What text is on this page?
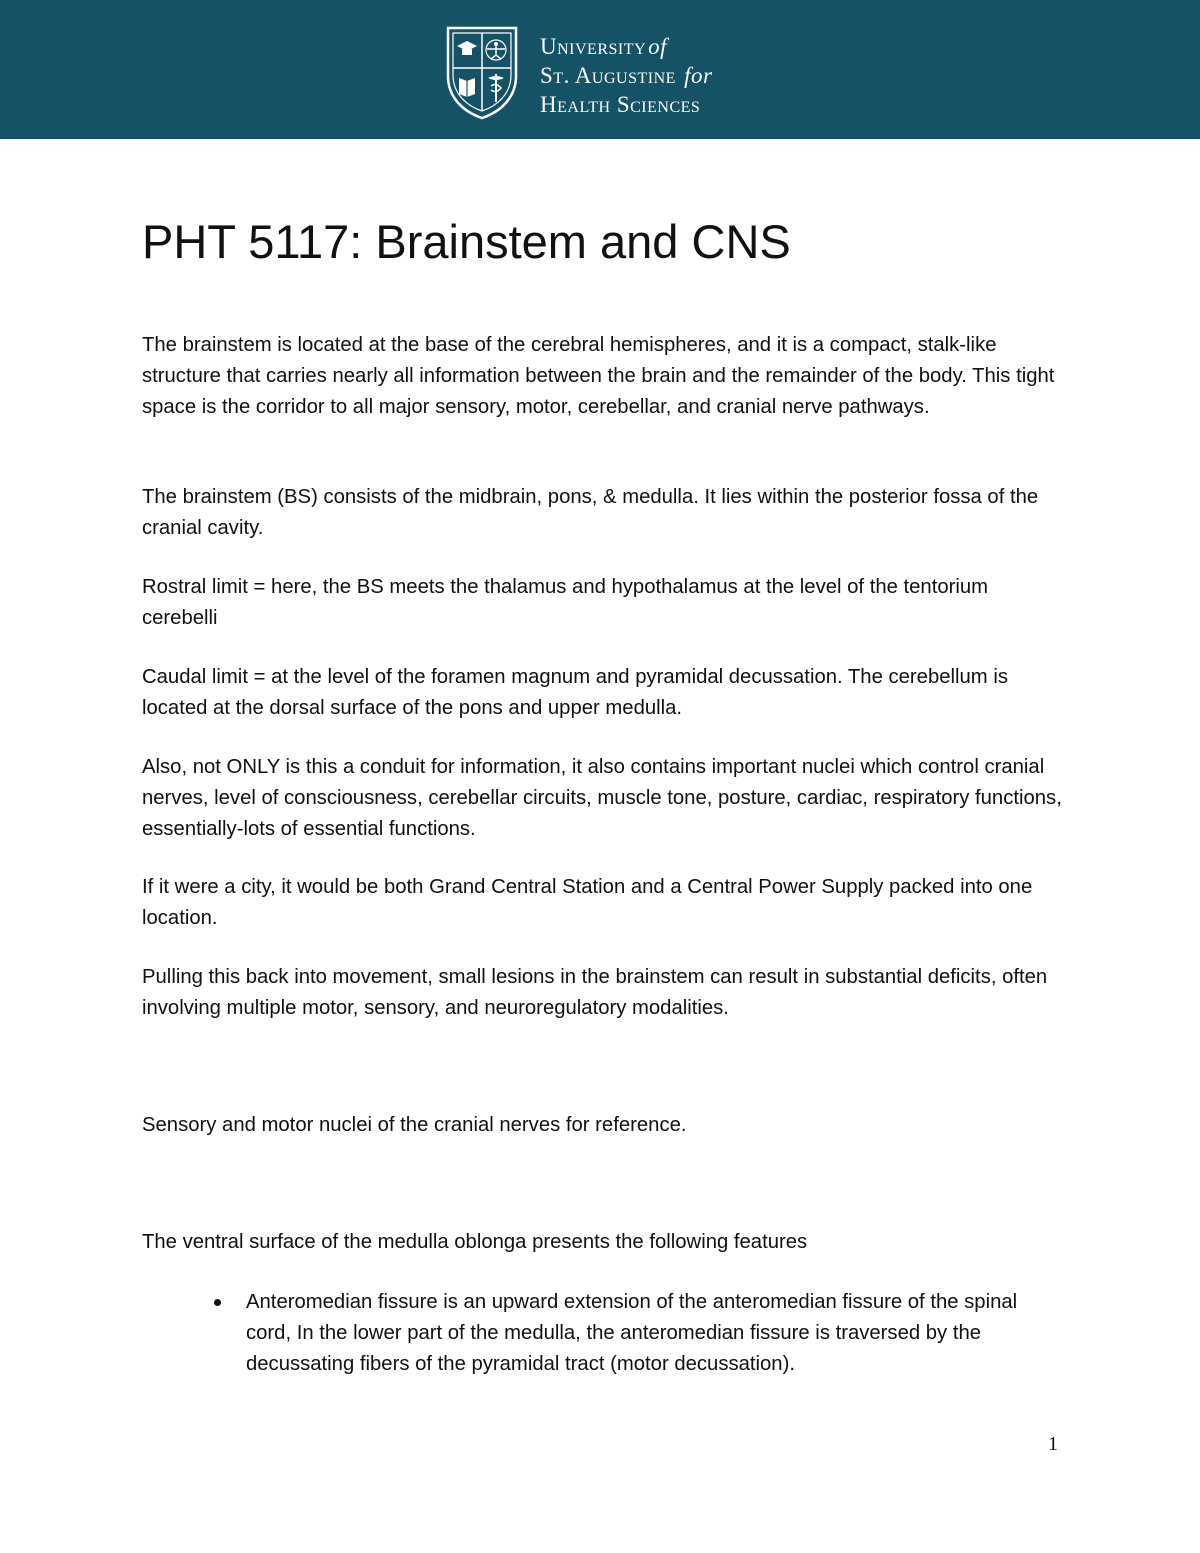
Universityof
St. Augustine for
Health Sciences
PHT 5117: Brainstem and CNS

The brainstem is located at the base of the cerebral hemispheres, and it is a compact, stalk-like structure that carries nearly all information between the brain and the remainder of the body. This tight space is the corridor to all major sensory, motor, cerebellar, and cranial nerve pathways.

The brainstem (BS) consists of the midbrain, pons, & medulla. It lies within the posterior fossa of the cranial cavity.

Rostral limit = here, the BS meets the thalamus and hypothalamus at the level of the tentorium cerebelli

Caudal limit = at the level of the foramen magnum and pyramidal decussation. The cerebellum is located at the dorsal surface of the pons and upper medulla.

Also, not ONLY is this a conduit for information, it also contains important nuclei which control cranial nerves, level of consciousness, cerebellar circuits, muscle tone, posture, cardiac, respiratory functions, essentially-lots of essential functions.

If it were a city, it would be both Grand Central Station and a Central Power Supply packed into one location.

Pulling this back into movement, small lesions in the brainstem can result in substantial deficits, often involving multiple motor, sensory, and neuroregulatory modalities.

Sensory and motor nuclei of the cranial nerves for reference.

The ventral surface of the medulla oblonga presents the following features

Anteromedian fissure is an upward extension of the anteromedian fissure of the spinal cord, In the lower part of the medulla, the anteromedian fissure is traversed by the decussating fibers of the pyramidal tract (motor decussation).
1
